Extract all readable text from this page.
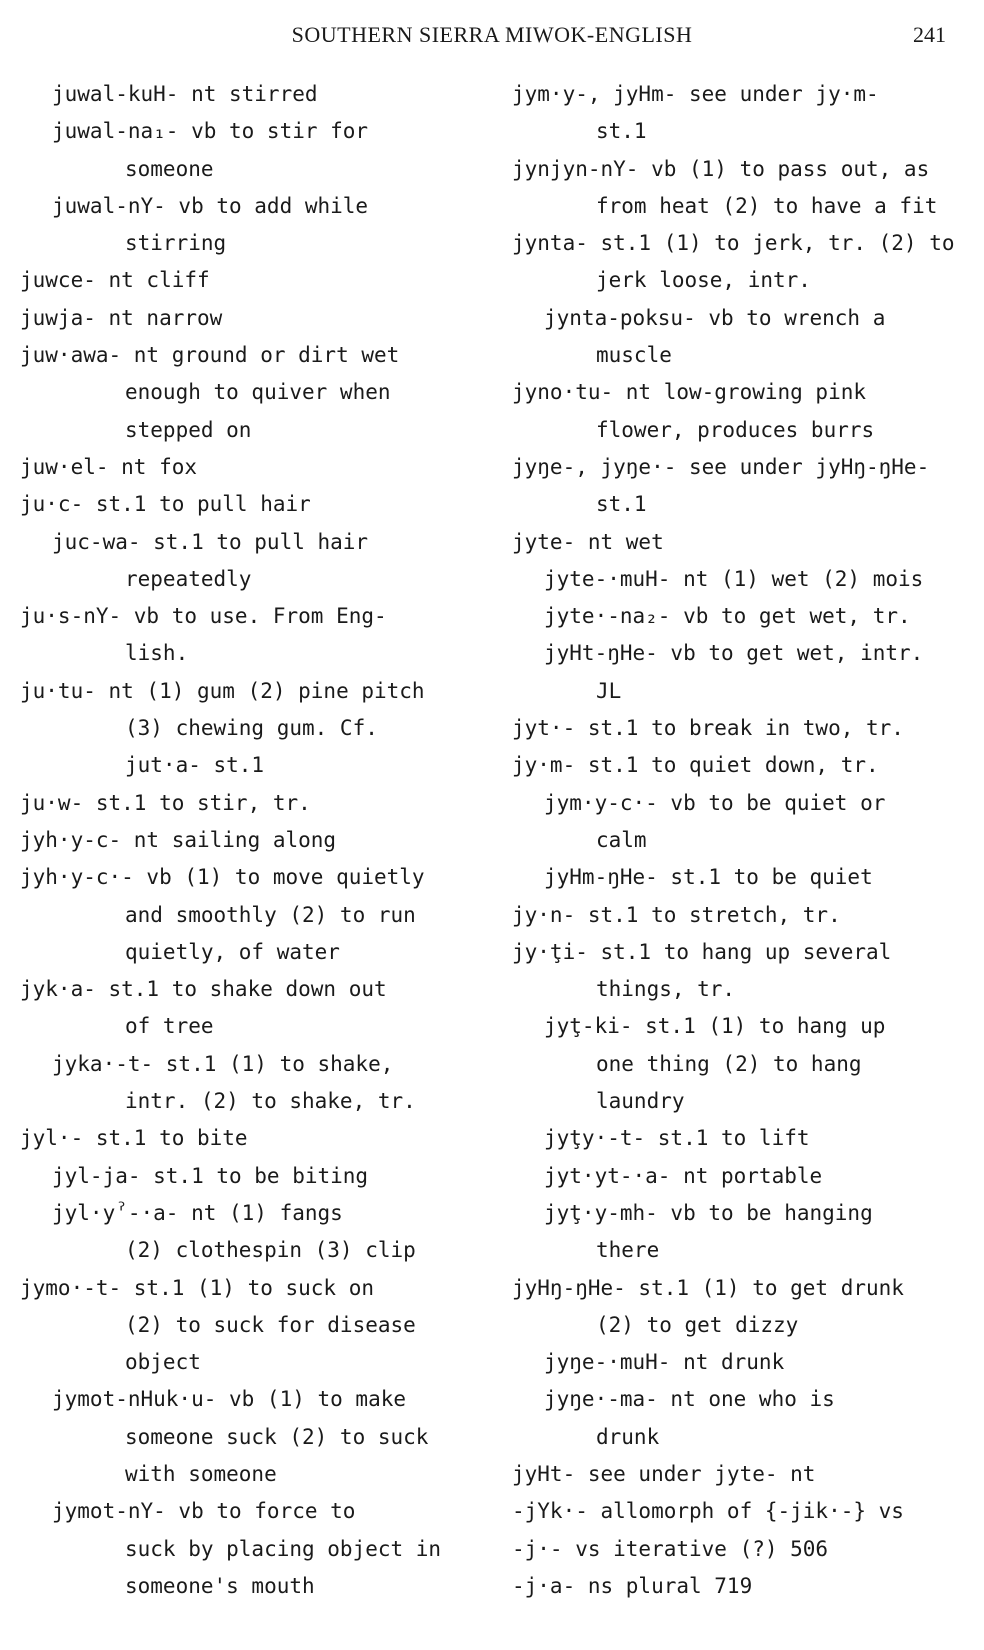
SOUTHERN SIERRA MIWOK-ENGLISH	241
juwal-kuH- nt stirred
juwal-na₁- vb to stir for
someone
juwal-nY- vb to add while
stirring
juwce- nt cliff
juwja- nt narrow
juw·awa- nt ground or dirt wet
enough to quiver when
stepped on
juw·el- nt fox
ju·c- st.1 to pull hair
juc-wa- st.1 to pull hair
repeatedly
ju·s-nY- vb to use. From Eng-
lish.
ju·tu- nt (1) gum (2) pine pitch
(3) chewing gum. Cf.
jut·a- st.1
ju·w- st.1 to stir, tr.
jyh·y-c- nt sailing along
jyh·y-c·- vb (1) to move quietly
and smoothly (2) to run
quietly, of water
jyk·a- st.1 to shake down out
of tree
jyka·-t- st.1 (1) to shake,
intr. (2) to shake, tr.
jyl·- st.1 to bite
jyl-ja- st.1 to be biting
jyl·yˀ-·a- nt (1) fangs
(2) clothespin (3) clip
jymo·-t- st.1 (1) to suck on
(2) to suck for disease
object
jymot-nHuk·u- vb (1) to make
someone suck (2) to suck
with someone
jymot-nY- vb to force to
suck by placing object in
someone's mouth
jym·y-, jyHm- see under jy·m-
st.1
jynjyn-nY- vb (1) to pass out, as
from heat (2) to have a fit
jynta- st.1 (1) to jerk, tr. (2) to
jerk loose, intr.
jynta-poksu- vb to wrench a
muscle
jyno·tu- nt low-growing pink
flower, produces burrs
jyŋe-, jyŋe·- see under jyHŋ-ŋHe-
st.1
jyte- nt wet
jyte-·muH- nt (1) wet (2) mois
jyte·-na₂- vb to get wet, tr.
jyHt-ŋHe- vb to get wet, intr.
JL
jyt·- st.1 to break in two, tr.
jy·m- st.1 to quiet down, tr.
jym·y-c·- vb to be quiet or
calm
jyHm-ŋHe- st.1 to be quiet
jy·n- st.1 to stretch, tr.
jy·ţi- st.1 to hang up several
things, tr.
jyţ-ki- st.1 (1) to hang up
one thing (2) to hang
laundry
jyţy·-t- st.1 to lift
jyt·yt-·a- nt portable
jyţ·y-mh- vb to be hanging
there
jyHŋ-ŋHe- st.1 (1) to get drunk
(2) to get dizzy
jyŋe-·muH- nt drunk
jyŋe·-ma- nt one who is
drunk
jyHt- see under jyte- nt
-jYk·- allomorph of {-jik·-} vs
-j·- vs iterative (?) 506
-j·a- ns plural 719
